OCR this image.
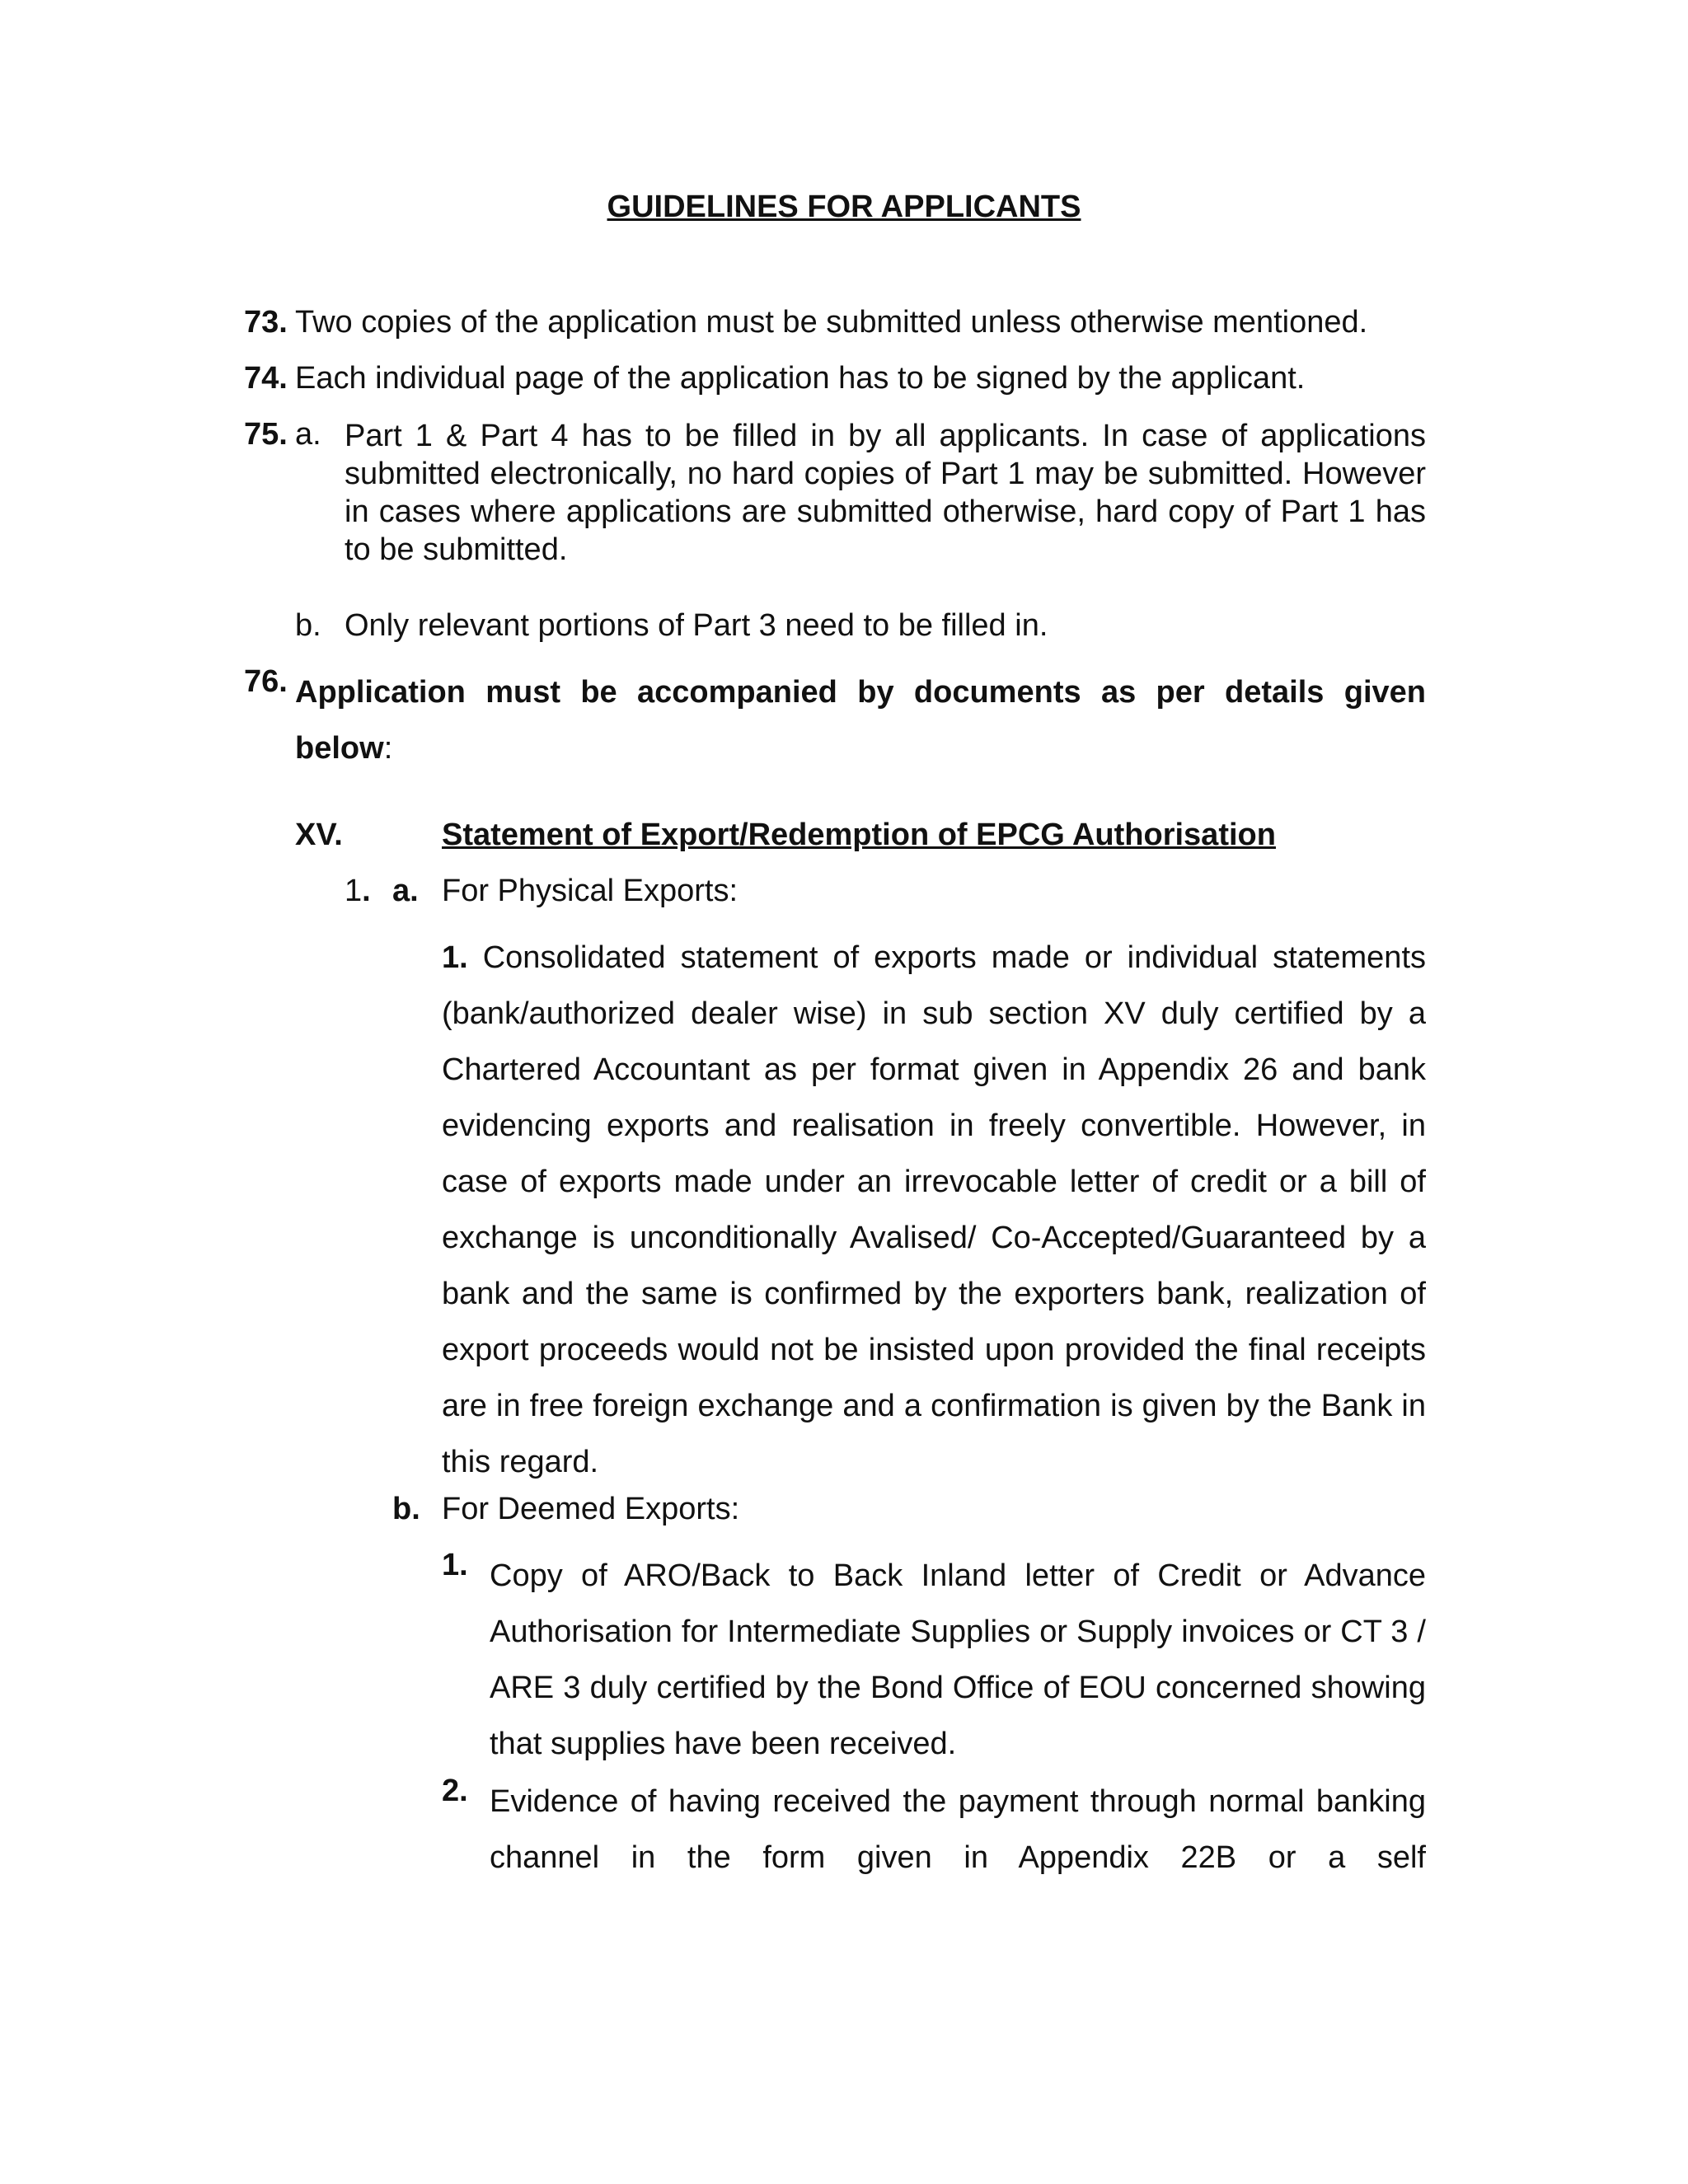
GUIDELINES FOR APPLICANTS
73. Two copies of the application must be submitted unless otherwise mentioned.
74. Each individual page of the application has to be signed by the applicant.
75. a. Part 1 & Part 4 has to be filled in by all applicants. In case of applications submitted electronically, no hard copies of Part 1 may be submitted. However in cases where applications are submitted otherwise, hard copy of Part 1 has to be submitted.
b. Only relevant portions of Part 3 need to be filled in.
76. Application must be accompanied by documents as per details given below:
XV.	Statement of Export/Redemption of EPCG Authorisation
1. a. For Physical Exports:
1. Consolidated statement of exports made or individual statements (bank/authorized dealer wise) in sub section XV duly certified by a Chartered Accountant as per format given in Appendix 26 and bank evidencing exports and realisation in freely convertible. However, in case of exports made under an irrevocable letter of credit or a bill of exchange is unconditionally Avalised/ Co-Accepted/Guaranteed by a bank and the same is confirmed by the exporters bank, realization of export proceeds would not be insisted upon provided the final receipts are in free foreign exchange and a confirmation is given by the Bank in this regard.
b. For Deemed Exports:
1. Copy of ARO/Back to Back Inland letter of Credit or Advance Authorisation for Intermediate Supplies or Supply invoices or CT 3 / ARE 3 duly certified by the Bond Office of EOU concerned showing that supplies have been received.
2. Evidence of having received the payment through normal banking channel in the form given in Appendix 22B or a self
